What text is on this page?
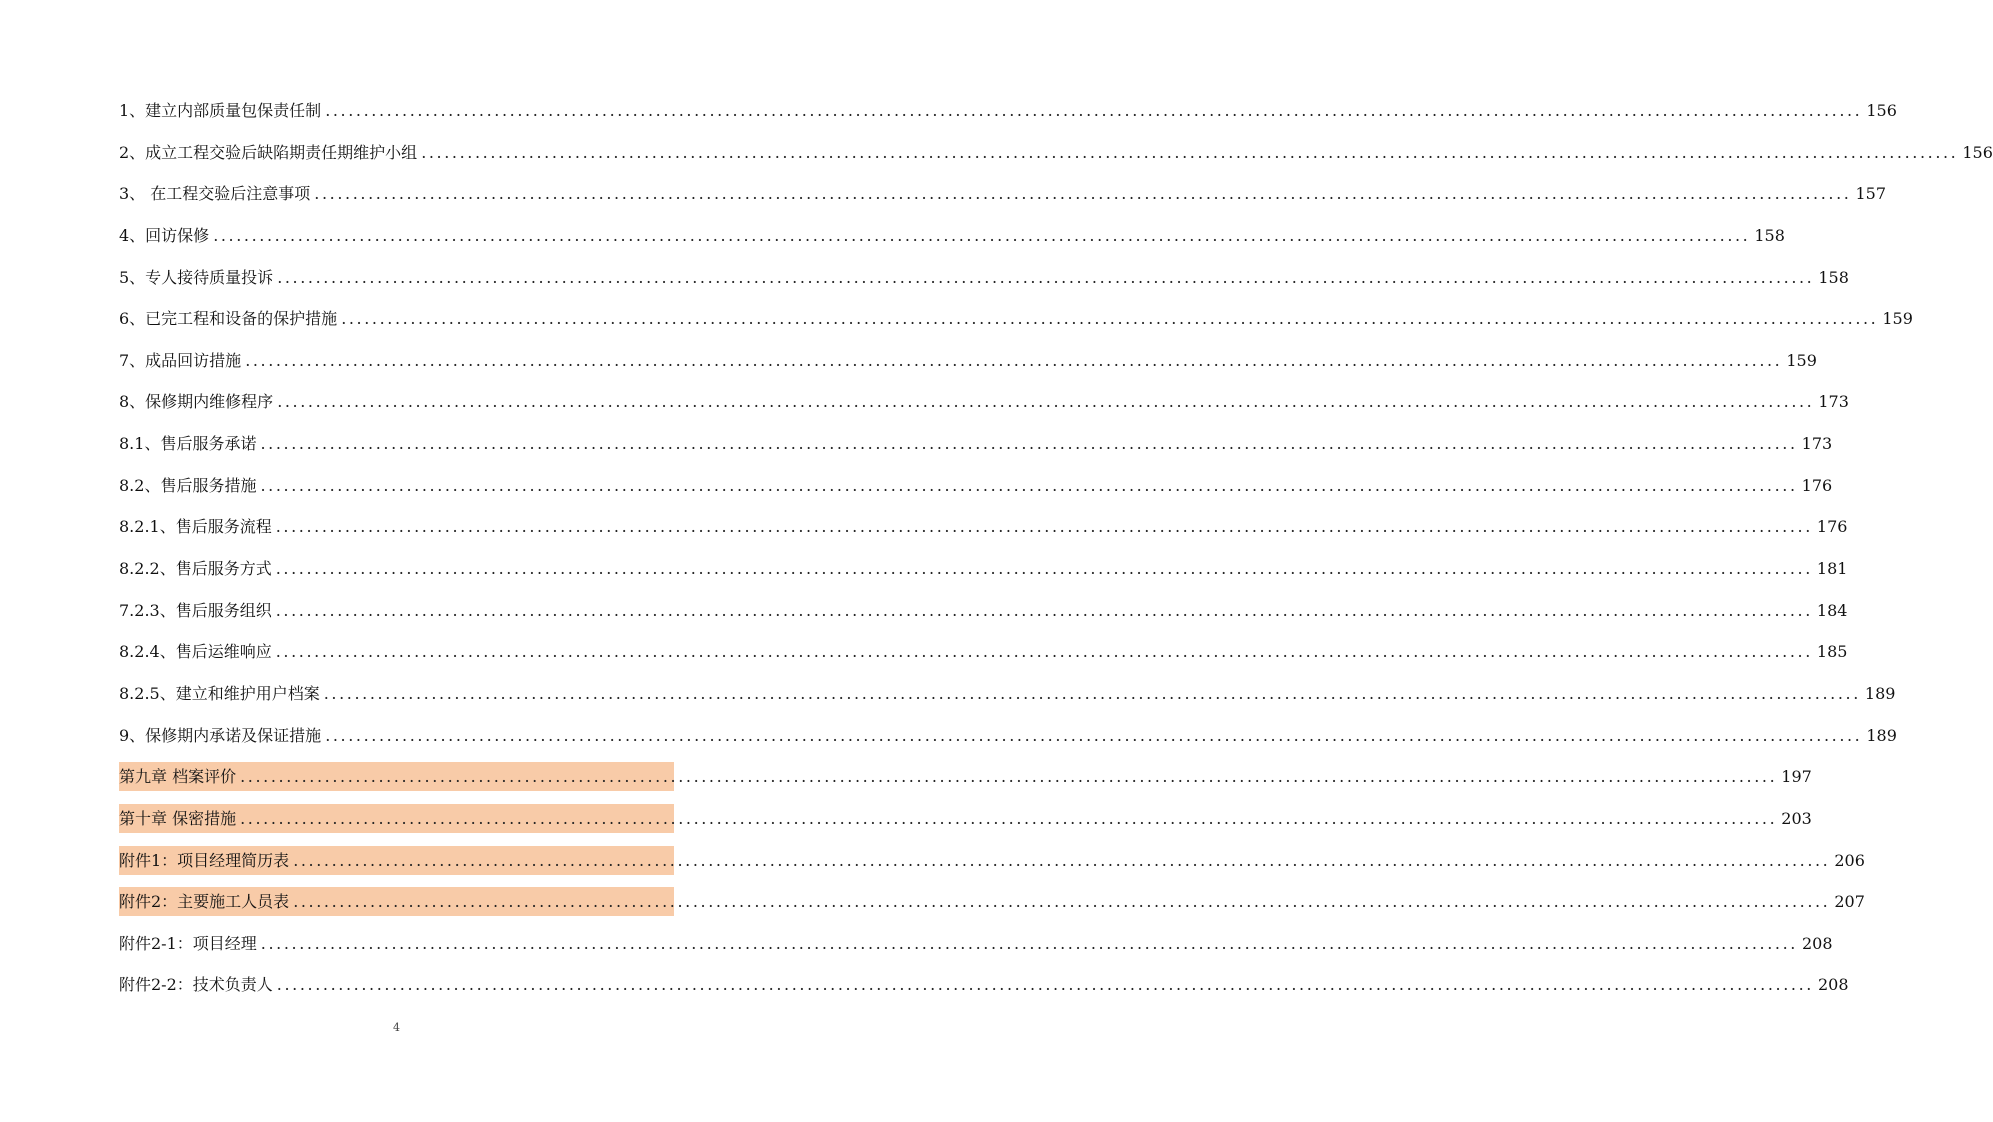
1、建立内部质量包保责任制 ........................................................................................................................................................................................................ 156
2、成立工程交验后缺陷期责任期维护小组 ........................................................................................................................................................................................................ 156
3、 在工程交验后注意事项 ........................................................................................................................................................................................................ 157
4、回访保修 ........................................................................................................................................................................................................ 158
5、专人接待质量投诉 ........................................................................................................................................................................................................ 158
6、已完工程和设备的保护措施 ........................................................................................................................................................................................................ 159
7、成品回访措施 ........................................................................................................................................................................................................ 159
8、保修期内维修程序 ........................................................................................................................................................................................................ 173
8.1、售后服务承诺 ........................................................................................................................................................................................................ 173
8.2、售后服务措施 ........................................................................................................................................................................................................ 176
8.2.1、售后服务流程 ........................................................................................................................................................................................................ 176
8.2.2、售后服务方式 ........................................................................................................................................................................................................ 181
7.2.3、售后服务组织 ........................................................................................................................................................................................................ 184
8.2.4、售后运维响应 ........................................................................................................................................................................................................ 185
8.2.5、建立和维护用户档案 ........................................................................................................................................................................................................ 189
9、保修期内承诺及保证措施 ........................................................................................................................................................................................................ 189
第九章 档案评价 ........................................................................................................................................................................................................ 197
第十章 保密措施 ........................................................................................................................................................................................................ 203
附件1：项目经理简历表 ........................................................................................................................................................................................................ 206
附件2：主要施工人员表 ........................................................................................................................................................................................................ 207
附件2-1：项目经理 ........................................................................................................................................................................................................ 208
附件2-2：技术负责人 ........................................................................................................................................................................................................ 208
4
